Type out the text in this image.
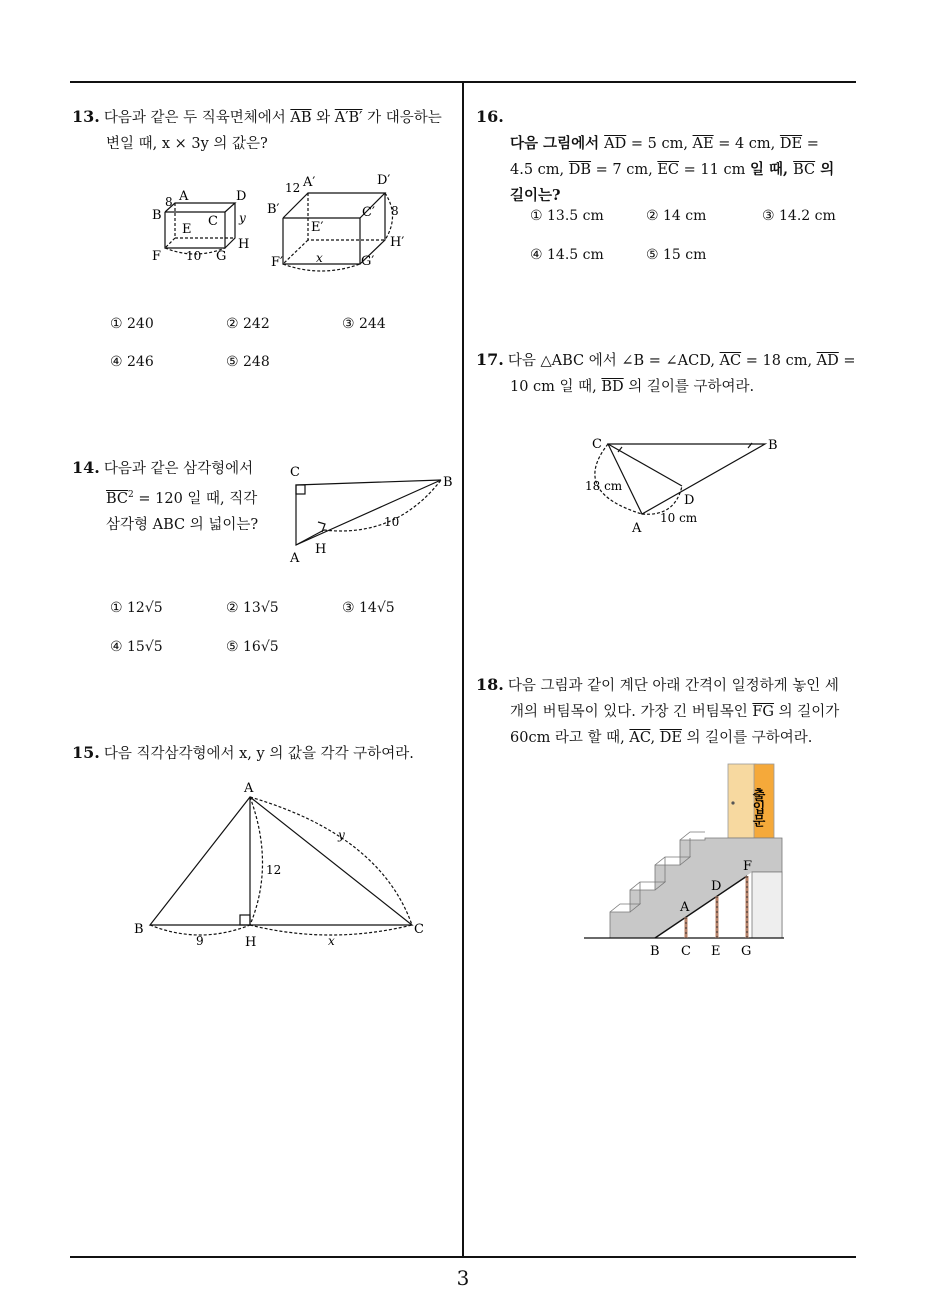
13. 다음과 같은 두 직육면체에서 $\overline{AB}$ 와 A′B′ 가 대응하는
변일 때, x × 3y 의 값은?
B
A	D
C
E
F	G
H
8
10
y
B′
A′	D′
C′
E′
F′	G′
H′
12
x
8
① 240	② 242	③ 244
④ 246	⑤ 248
14. 다음과 같은 삼각형에서
$\overline{BC}^2 = 120$ 일 때, 직각
삼각형 ABC 의 넓이는?
C
B
A
H
10
① 12√5	② 13√5	③ 14√5
④ 15√5	⑤ 16√5
15. 다음 직각삼각형에서 x, y 의 값을 각각 구하여라.
A
B	C
H
9
12
x
y
16.

다음 그림에서 $\overline{AD} = 5$ cm, $\overline{AE} = 4$ cm, $\overline{DE}$ =
4.5 cm, $\overline{DB} = 7$ cm, $\overline{EC} = 11$ cm 일 때, $\overline{BC}$ 의
길이는?
① 13.5 cm	② 14 cm	③ 14.2 cm
④ 14.5 cm	⑤ 15 cm
17. 다음 △ABC 에서 ∠B = ∠ACD, $\overline{AC} = 18$ cm, $\overline{AD}$ =
10 cm 일 때, $\overline{BD}$ 의 길이를 구하여라.
C	B
A
D
18 cm
10 cm
18. 다음 그림과 같이 계단 아래 간격이 일정하게 놓인 세
개의 버팀목이 있다. 가장 긴 버팀목인 $\overline{FG}$ 의 길이가
60cm 라고 할 때, $\overline{AC}$, $\overline{DE}$ 의 길이를 구하여라.
출입문
A
D
F
B C E G
3
